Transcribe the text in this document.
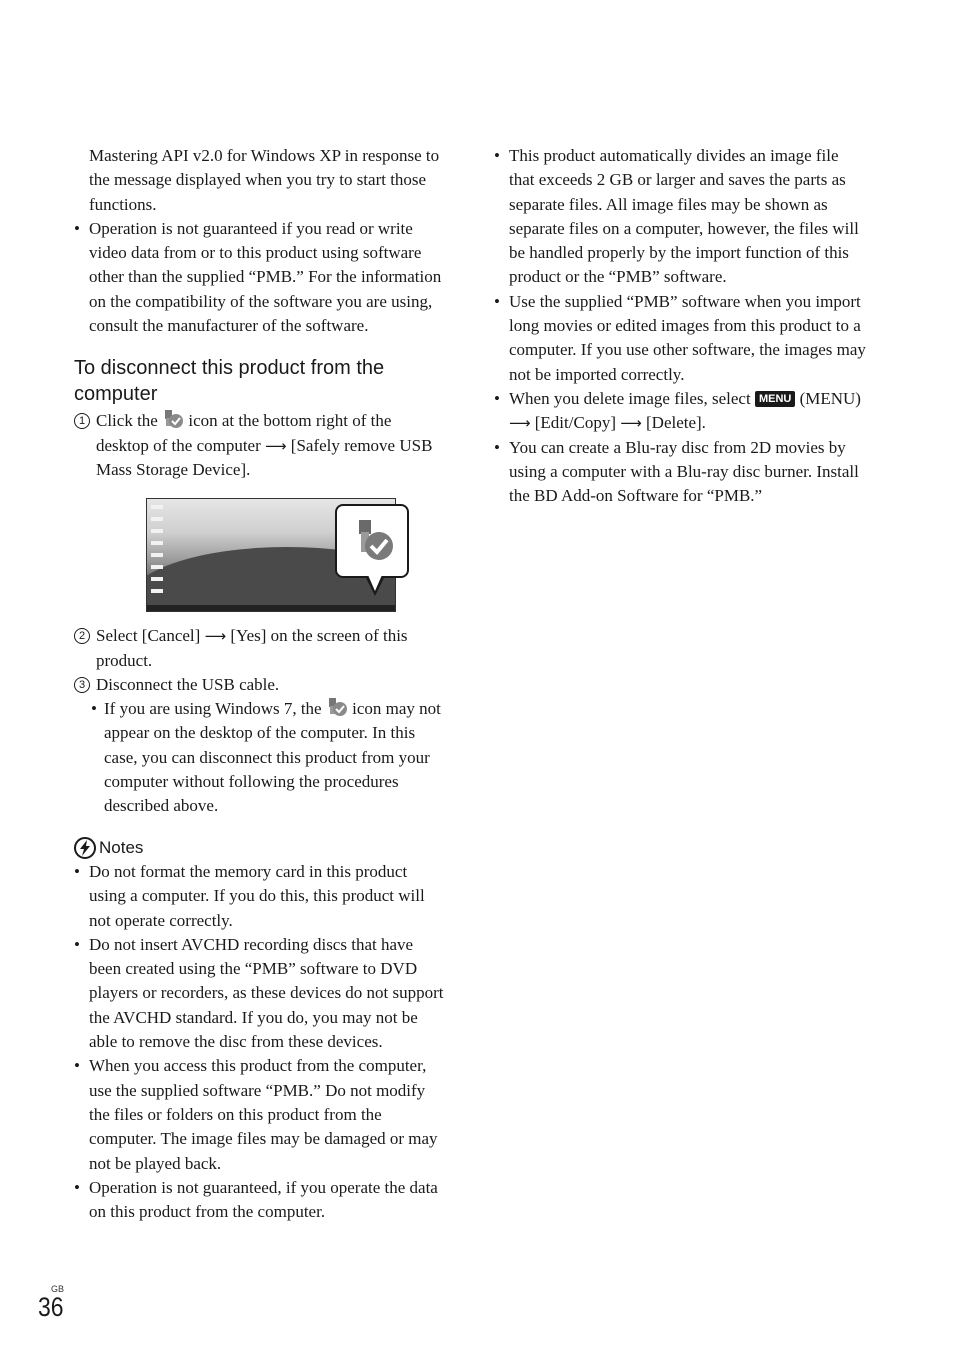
Mastering API v2.0 for Windows XP in response to the message displayed when you try to start those functions.

• Operation is not guaranteed if you read or write video data from or to this product using software other than the supplied “PMB.” For the information on the compatibility of the software you are using, consult the manufacturer of the software.

To disconnect this product from the computer

1 Click the icon at the bottom right of the desktop of the computer ⟶ [Safely remove USB Mass Storage Device].

2 Select [Cancel] ⟶ [Yes] on the screen of this product.

3 Disconnect the USB cable.

• If you are using Windows 7, the icon may not appear on the desktop of the computer. In this case, you can disconnect this product from your computer without following the procedures described above.

Notes

• Do not format the memory card in this product using a computer. If you do this, this product will not operate correctly.

• Do not insert AVCHD recording discs that have been created using the “PMB” software to DVD players or recorders, as these devices do not support the AVCHD standard. If you do, you may not be able to remove the disc from these devices.

• When you access this product from the computer, use the supplied software “PMB.” Do not modify the files or folders on this product from the computer. The image files may be damaged or may not be played back.

• Operation is not guaranteed, if you operate the data on this product from the computer.

• This product automatically divides an image file that exceeds 2 GB or larger and saves the parts as separate files. All image files may be shown as separate files on a computer, however, the files will be handled properly by the import function of this product or the “PMB” software.

• Use the supplied “PMB” software when you import long movies or edited images from this product to a computer. If you use other software, the images may not be imported correctly.

• When you delete image files, select MENU (MENU) ⟶ [Edit/Copy] ⟶ [Delete].

• You can create a Blu-ray disc from 2D movies by using a computer with a Blu-ray disc burner. Install the BD Add-on Software for “PMB.”

GB
36
